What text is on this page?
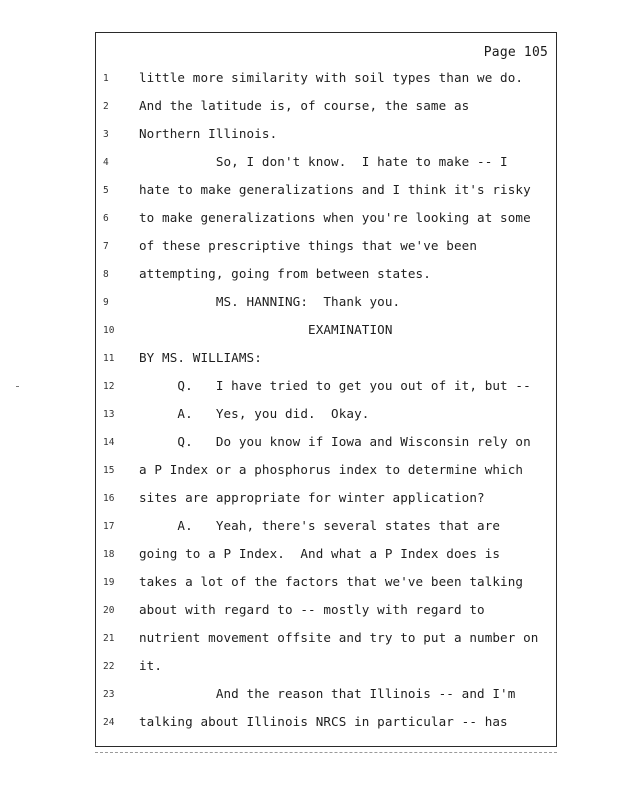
Page 105
1	little more similarity with soil types than we do.
2	And the latitude is, of course, the same as
3	Northern Illinois.
4	So, I don't know.  I hate to make -- I
5	hate to make generalizations and I think it's risky
6	to make generalizations when you're looking at some
7	of these prescriptive things that we've been
8	attempting, going from between states.
9	MS. HANNING:  Thank you.
10	EXAMINATION
11	BY MS. WILLIAMS:
12	Q.   I have tried to get you out of it, but --
13	A.   Yes, you did.  Okay.
14	Q.   Do you know if Iowa and Wisconsin rely on
15	a P Index or a phosphorus index to determine which
16	sites are appropriate for winter application?
17	A.   Yeah, there's several states that are
18	going to a P Index.  And what a P Index does is
19	takes a lot of the factors that we've been talking
20	about with regard to -- mostly with regard to
21	nutrient movement offsite and try to put a number on
22	it.
23	And the reason that Illinois -- and I'm
24	talking about Illinois NRCS in particular -- has
